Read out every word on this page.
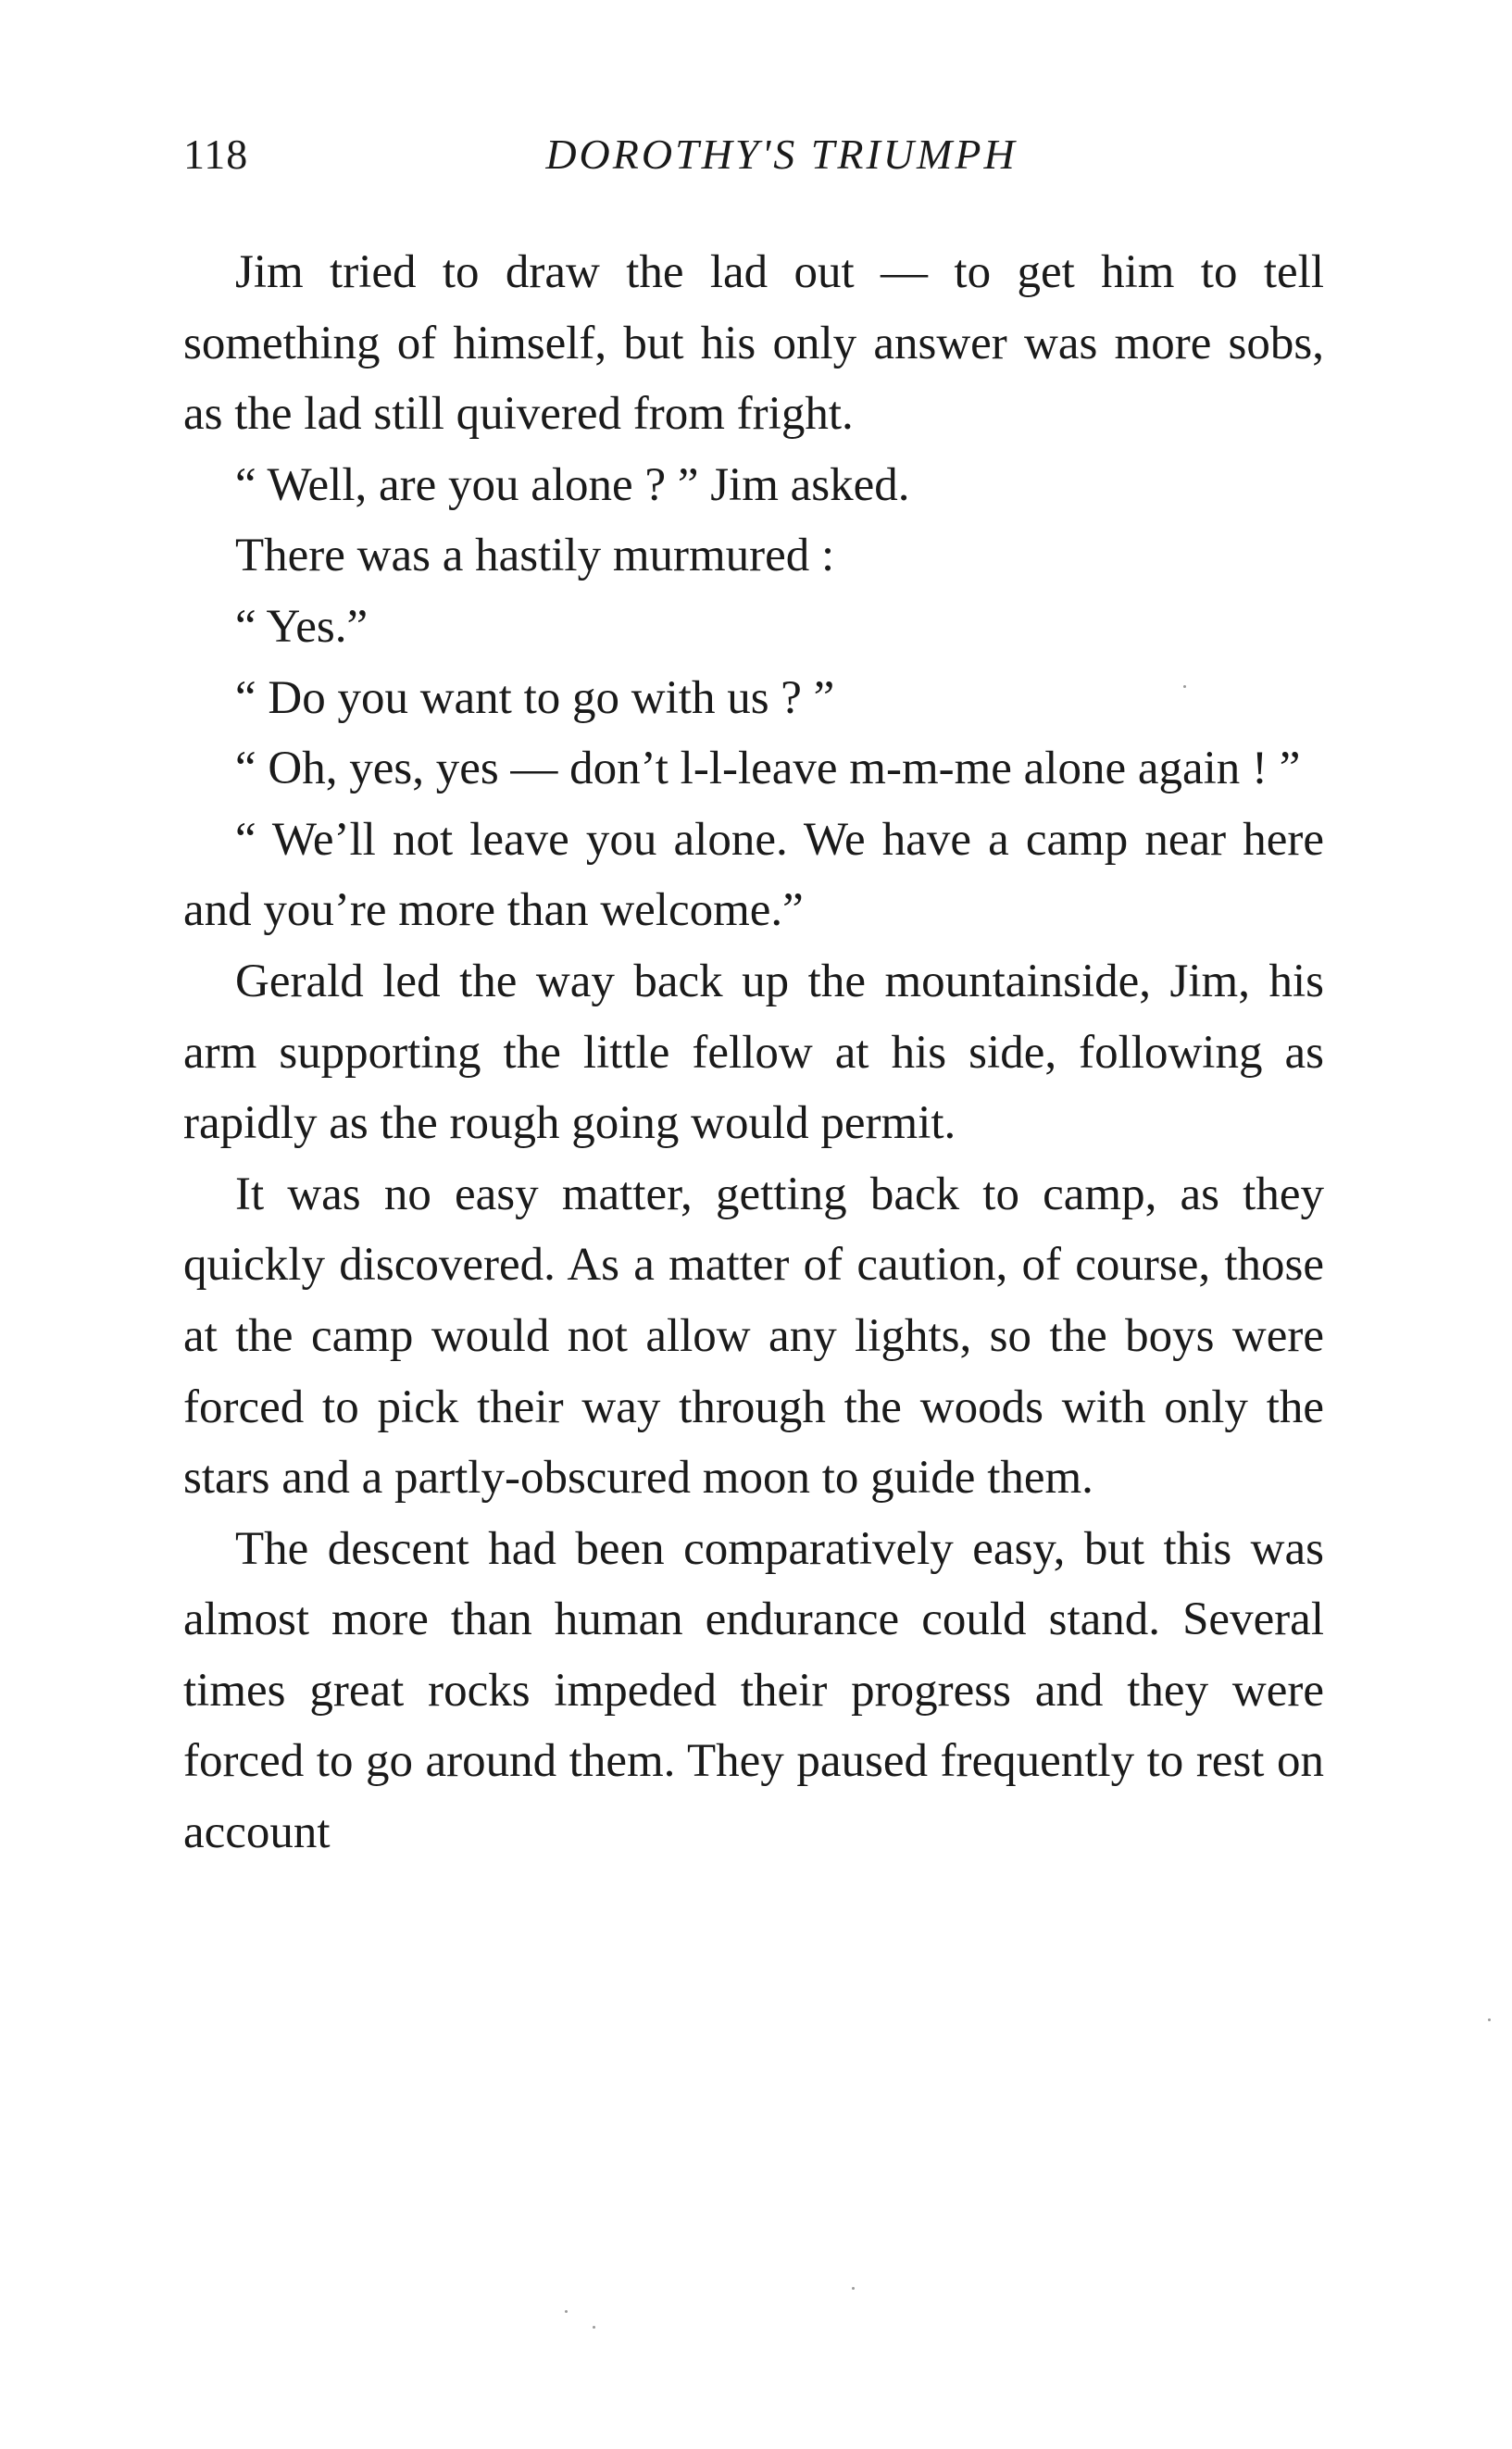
118	DOROTHY'S TRIUMPH

Jim tried to draw the lad out — to get him to tell something of himself, but his only answer was more sobs, as the lad still quivered from fright.

“ Well, are you alone ? ” Jim asked.

There was a hastily murmured :

“ Yes.”

“ Do you want to go with us ? ”

“ Oh, yes, yes — don’t l-l-leave m-m-me alone again ! ”

“ We’ll not leave you alone. We have a camp near here and you’re more than welcome.”

Gerald led the way back up the mountainside, Jim, his arm supporting the little fellow at his side, following as rapidly as the rough going would permit.

It was no easy matter, getting back to camp, as they quickly discovered. As a matter of caution, of course, those at the camp would not allow any lights, so the boys were forced to pick their way through the woods with only the stars and a partly-obscured moon to guide them.

The descent had been comparatively easy, but this was almost more than human endurance could stand. Several times great rocks impeded their progress and they were forced to go around them. They paused frequently to rest on account
